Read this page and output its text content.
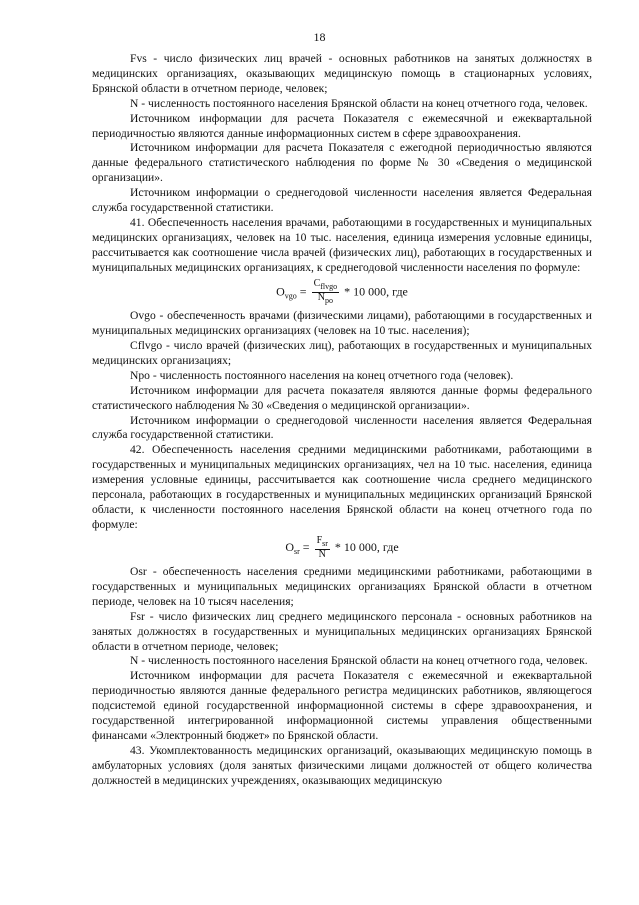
18

Fvs - число физических лиц врачей - основных работников на занятых должностях в медицинских организациях, оказывающих медицинскую помощь в стационарных условиях, Брянской области в отчетном периоде, человек;

N - численность постоянного населения Брянской области на конец отчетного года, человек.

Источником информации для расчета Показателя с ежемесячной и ежеквартальной периодичностью являются данные информационных систем в сфере здравоохранения.

Источником информации для расчета Показателя с ежегодной периодичностью являются данные федерального статистического наблюдения по форме № 30 «Сведения о медицинской организации».

Источником информации о среднегодовой численности населения является Федеральная служба государственной статистики.

41. Обеспеченность населения врачами, работающими в государственных и муниципальных медицинских организациях, человек на 10 тыс. населения, единица измерения условные единицы, рассчитывается как соотношение числа врачей (физических лиц), работающих в государственных и муниципальных медицинских организациях, к среднегодовой численности населения по формуле:

$O_{vgo} = \frac{C_{flvgo}}{N_{po}} * 10$ 000, где

Ovgo - обеспеченность врачами (физическими лицами), работающими в государственных и муниципальных медицинских организациях (человек на 10 тыс. населения);

Cflvgo - число врачей (физических лиц), работающих в государственных и муниципальных медицинских организациях;

Npo - численность постоянного населения на конец отчетного года (человек).

Источником информации для расчета показателя являются данные формы федерального статистического наблюдения № 30 «Сведения о медицинской организации».

Источником информации о среднегодовой численности населения является Федеральная служба государственной статистики.

42. Обеспеченность населения средними медицинскими работниками, работающими в государственных и муниципальных медицинских организациях, чел на 10 тыс. населения, единица измерения условные единицы, рассчитывается как соотношение числа среднего медицинского персонала, работающих в государственных и муниципальных медицинских организаций Брянской области, к численности постоянного населения Брянской области на конец отчетного года по формуле:

$O_{sr} = \frac{F_{sr}}{N} * 10$ 000, где

Osr - обеспеченность населения средними медицинскими работниками, работающими в государственных и муниципальных медицинских организациях Брянской области в отчетном периоде, человек на 10 тысяч населения;

Fsr - число физических лиц среднего медицинского персонала - основных работников на занятых должностях в государственных и муниципальных медицинских организациях Брянской области в отчетном периоде, человек;

N - численность постоянного населения Брянской области на конец отчетного года, человек.

Источником информации для расчета Показателя с ежемесячной и ежеквартальной периодичностью являются данные федерального регистра медицинских работников, являющегося подсистемой единой государственной информационной системы в сфере здравоохранения, и государственной интегрированной информационной системы управления общественными финансами «Электронный бюджет» по Брянской области.

43. Укомплектованность медицинских организаций, оказывающих медицинскую помощь в амбулаторных условиях (доля занятых физическими лицами должностей от общего количества должностей в медицинских учреждениях, оказывающих медицинскую
